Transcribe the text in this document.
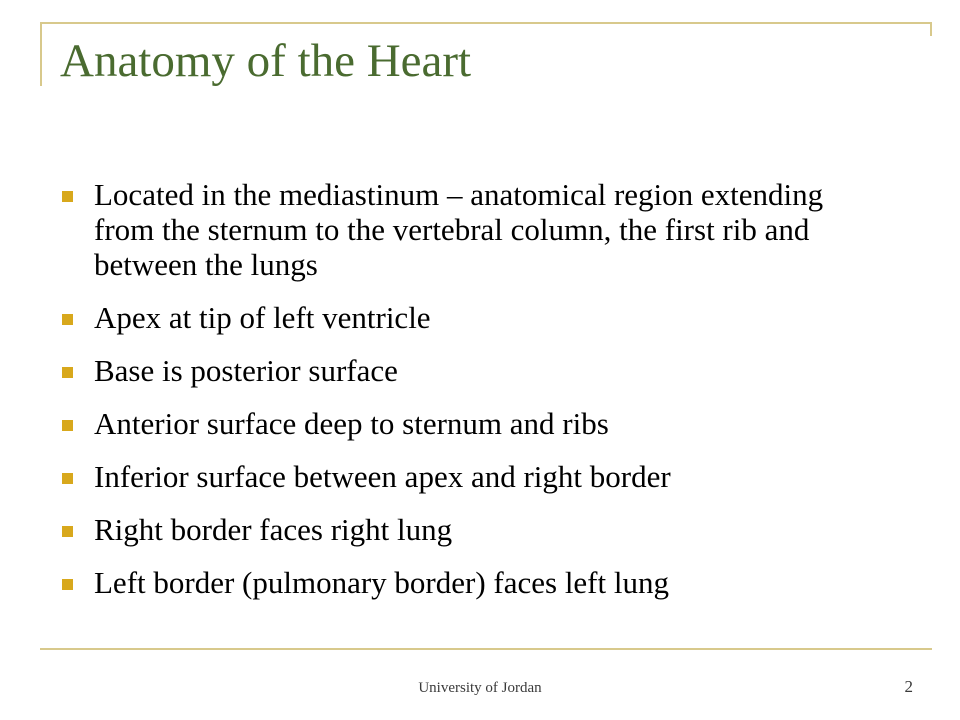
Anatomy of the Heart
Located in the mediastinum – anatomical region extending from the sternum to the vertebral column, the first rib and between the lungs
Apex at tip of left ventricle
Base is posterior surface
Anterior surface deep to sternum and ribs
Inferior surface between apex and right border
Right border faces right lung
Left border (pulmonary border) faces left lung
University of Jordan	2
